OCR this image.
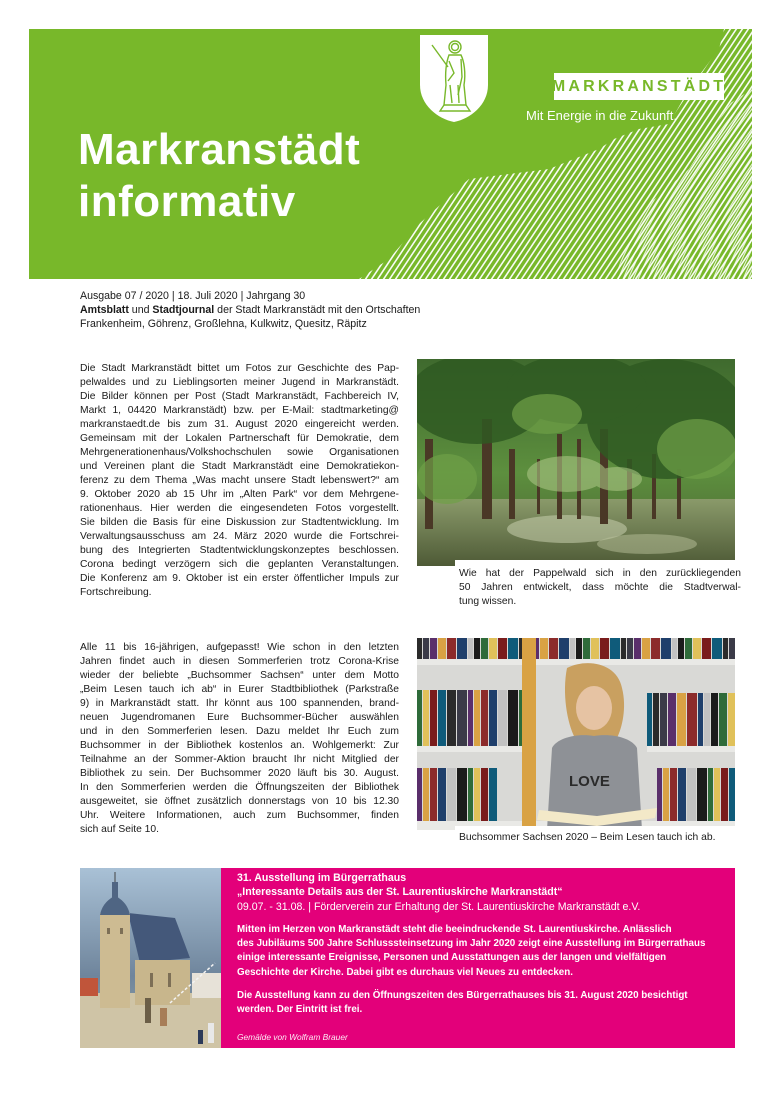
Markranstädt
informativ
MARKRANSTÄDT
Mit Energie in die Zukunft.
Ausgabe 07 / 2020 | 18. Juli 2020 | Jahrgang 30
Amtsblatt und Stadtjournal der Stadt Markranstädt mit den Ortschaften
Frankenheim, Göhrenz, Großlehna, Kulkwitz, Quesitz, Räpitz
Die Stadt Markranstädt bittet um Fotos zur Geschichte des Pap-
pelwaldes und zu Lieblingsorten meiner Jugend in Markranstädt.
Die Bilder können per Post (Stadt Markranstädt, Fachbereich IV,
Markt 1, 04420 Markranstädt) bzw. per E-Mail: stadtmarketing@
markranstaedt.de bis zum 31. August 2020 eingereicht werden.
Gemeinsam mit der Lokalen Partnerschaft für Demokratie, dem
Mehrgenerationenhaus/Volkshochschulen sowie Organisationen
und Vereinen plant die Stadt Markranstädt eine Demokratiekon-
ferenz zu dem Thema „Was macht unsere Stadt lebenswert?“ am
9. Oktober 2020 ab 15 Uhr im „Alten Park“ vor dem Mehrgene-
rationenhaus. Hier werden die eingesendeten Fotos vorgestellt.
Sie bilden die Basis für eine Diskussion zur Stadtentwicklung. Im
Verwaltungsausschuss am 24. März 2020 wurde die Fortschrei-
bung des Integrierten Stadtentwicklungskonzeptes beschlossen.
Corona bedingt verzögern sich die geplanten Veranstaltungen.
Die Konferenz am 9. Oktober ist ein erster öffentlicher Impuls zur
Fortschreibung.
Wie hat der Pappelwald sich in den zurückliegenden
50 Jahren entwickelt, dass möchte die Stadtverwal-
tung wissen.
Alle 11 bis 16-jährigen, aufgepasst! Wie schon in den letzten
Jahren findet auch in diesen Sommerferien trotz Corona-Krise
wieder der beliebte „Buchsommer Sachsen“ unter dem Motto
„Beim Lesen tauch ich ab“ in Eurer Stadtbibliothek (Parkstraße
9) in Markranstädt statt. Ihr könnt aus 100 spannenden, brand-
neuen Jugendromanen Eure Buchsommer-Bücher auswählen
und in den Sommerferien lesen. Dazu meldet Ihr Euch zum
Buchsommer in der Bibliothek kostenlos an. Wohlgemerkt: Zur
Teilnahme an der Sommer-Aktion braucht Ihr nicht Mitglied der
Bibliothek zu sein. Der Buchsommer 2020 läuft bis 30. August.
In den Sommerferien werden die Öffnungszeiten der Bibliothek
ausgeweitet, sie öffnet zusätzlich donnerstags von 10 bis 12.30
Uhr. Weitere Informationen, auch zum Buchsommer, finden
sich auf Seite 10.
LOVE
Buchsommer Sachsen 2020 – Beim Lesen tauch ich ab.
31. Ausstellung im Bürgerrathaus
„Interessante Details aus der St. Laurentiuskirche Markranstädt“
09.07. - 31.08. | Förderverein zur Erhaltung der St. Laurentiuskirche Markranstädt e.V.

Mitten im Herzen von Markranstädt steht die beeindruckende St. Laurentiuskirche. Anlässlich
des Jubiläums 500 Jahre Schlusssteinsetzung im Jahr 2020 zeigt eine Ausstellung im Bürgerrathaus
einige interessante Ereignisse, Personen und Ausstattungen aus der langen und vielfältigen
Geschichte der Kirche. Dabei gibt es durchaus viel Neues zu entdecken.

Die Ausstellung kann zu den Öffnungszeiten des Bürgerrathauses bis 31. August 2020 besichtigt
werden. Der Eintritt ist frei.

Gemälde von Wolfram Brauer
